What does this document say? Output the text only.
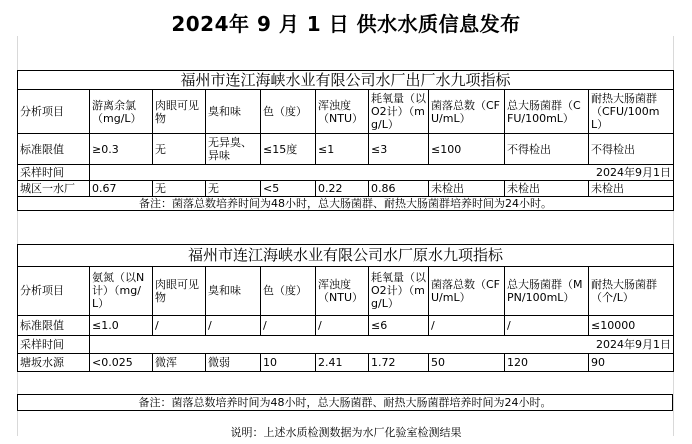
2024年 9 月 1 日 供水水质信息发布
福州市连江海峡水业有限公司水厂出厂水九项指标									
分析项目	游离余氯（mg/L）	肉眼可见物	臭和味	色（度）	浑浊度（NTU）	耗氧量（以O2计）（mg/L）	菌落总数（CFU/mL）	总大肠菌群（CFU/100mL）	耐热大肠菌群（CFU/100mL）
标准限值	≥0.3	无	无异臭、异味	≤15度	≤1	≤3	≤100	不得检出	不得检出
采样时间	2024年9月1日								
城区一水厂	0.67	无	无	<5	0.22	0.86	未检出	未检出	未检出
备注：菌落总数培养时间为48小时，总大肠菌群、耐热大肠菌群培养时间为24小时。									
福州市连江海峡水业有限公司水厂原水九项指标									
分析项目	氨氮（以N计）（mg/L）	肉眼可见物	臭和味	色（度）	浑浊度（NTU）	耗氧量（以O2计）（mg/L）	菌落总数（CFU/mL）	总大肠菌群（MPN/100mL）	耐热大肠菌群（个/L）
标准限值	≤1.0	/	/	/	/	≤6	/	/	≤10000
采样时间	2024年9月1日								
塘坂水源	<0.025	微浑	微弱	10	2.41	1.72	50	120	90
备注：菌落总数培养时间为48小时，总大肠菌群、耐热大肠菌群培养时间为24小时。
说明：上述水质检测数据为水厂化验室检测结果
